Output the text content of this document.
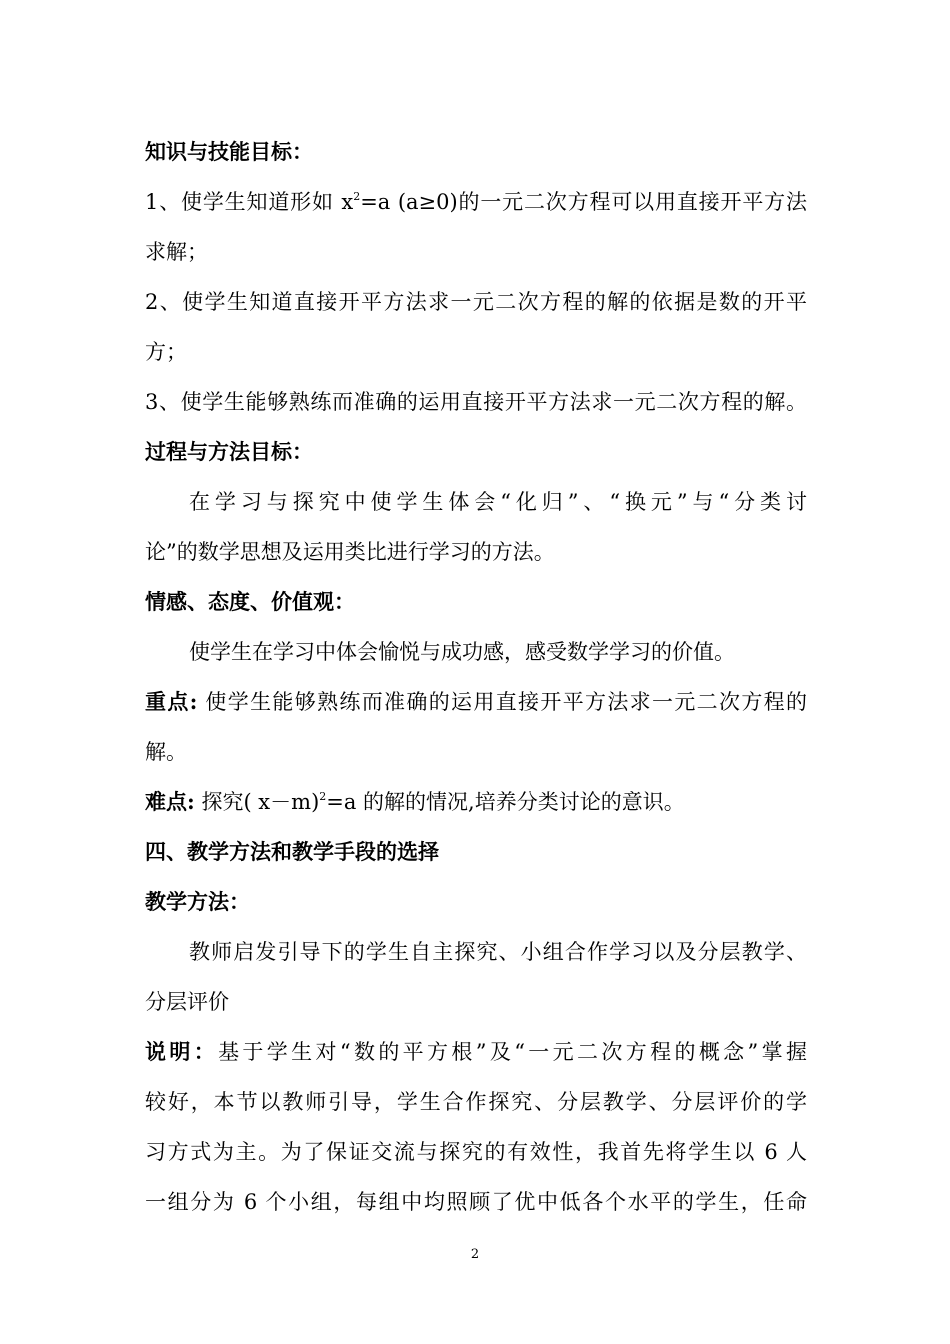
知识与技能目标：
1、使学生知道形如 $x^2=a$ (a≥0)的一元二次方程可以用直接开平方法
求解；
2、使学生知道直接开平方法求一元二次方程的解的依据是数的开平
方；
3、使学生能够熟练而准确的运用直接开平方法求一元二次方程的解。
过程与方法目标：
在学习与探究中使学生体会“化归”、“换元”与“分类讨
论”的数学思想及运用类比进行学习的方法。
情感、态度、价值观：
使学生在学习中体会愉悦与成功感，感受数学学习的价值。
重点: 使学生能够熟练而准确的运用直接开平方法求一元二次方程的
解。
难点: 探究( x－m)$^2$=a 的解的情况,培养分类讨论的意识。
四、教学方法和教学手段的选择
教学方法：
教师启发引导下的学生自主探究、小组合作学习以及分层教学、
分层评价
说明：基于学生对“数的平方根”及“一元二次方程的概念”掌握
较好，本节以教师引导，学生合作探究、分层教学、分层评价的学
习方式为主。为了保证交流与探究的有效性，我首先将学生以 6 人
一组分为 6 个小组，每组中均照顾了优中低各个水平的学生，任命
2
